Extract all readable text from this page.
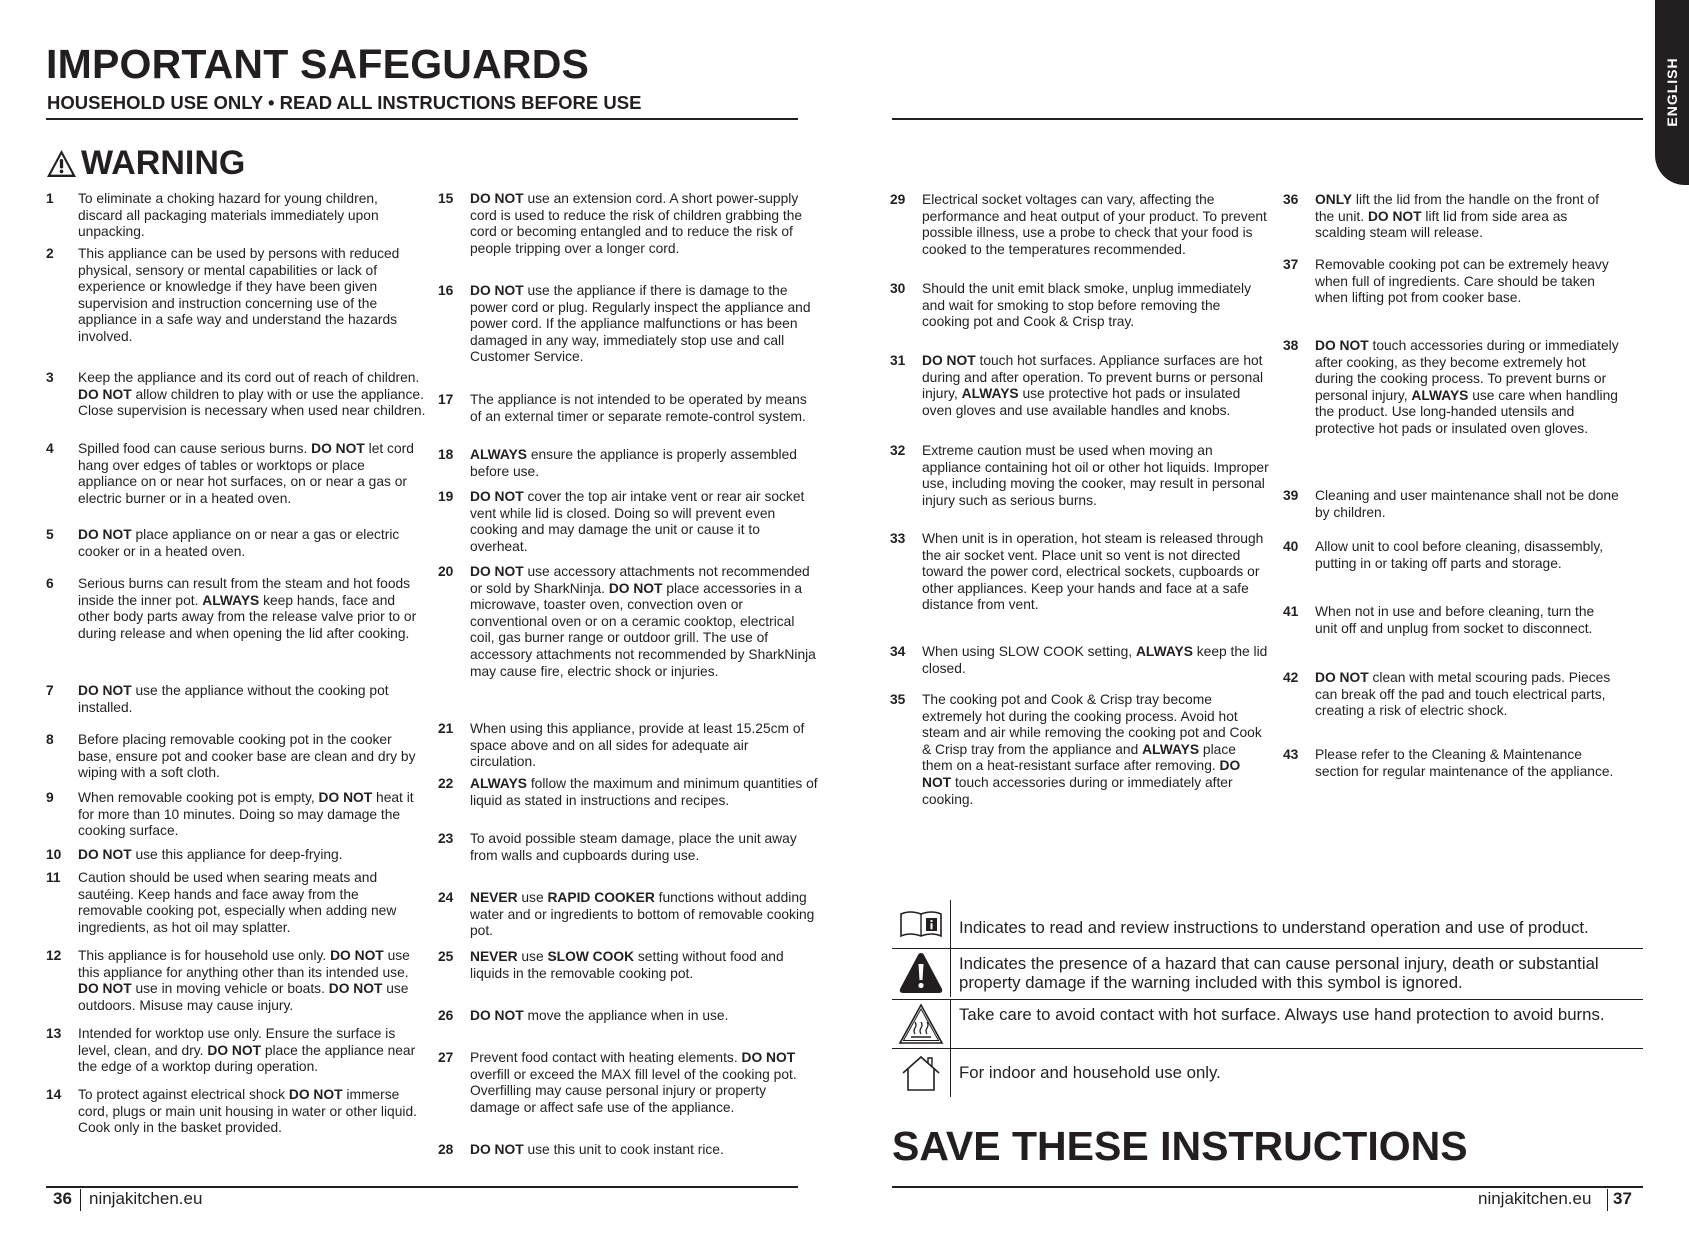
IMPORTANT SAFEGUARDS
HOUSEHOLD USE ONLY • READ ALL INSTRUCTIONS BEFORE USE	ENGLISH
WARNING
1	To eliminate a choking hazard for young children, discard all packaging materials immediately upon unpacking.
2	This appliance can be used by persons with reduced physical, sensory or mental capabilities or lack of experience or knowledge if they have been given supervision and instruction concerning use of the appliance in a safe way and understand the hazards involved.
3	Keep the appliance and its cord out of reach of children. DO NOT allow children to play with or use the appliance. Close supervision is necessary when used near children.
4	Spilled food can cause serious burns. DO NOT let cord hang over edges of tables or worktops or place appliance on or near hot surfaces, on or near a gas or electric burner or in a heated oven.
5	DO NOT place appliance on or near a gas or electric cooker or in a heated oven.
6	Serious burns can result from the steam and hot foods inside the inner pot. ALWAYS keep hands, face and other body parts away from the release valve prior to or during release and when opening the lid after cooking.
7	DO NOT use the appliance without the cooking pot installed.
8	Before placing removable cooking pot in the cooker base, ensure pot and cooker base are clean and dry by wiping with a soft cloth.
9	When removable cooking pot is empty, DO NOT heat it for more than 10 minutes. Doing so may damage the cooking surface.
10	DO NOT use this appliance for deep-frying.
11	Caution should be used when searing meats and sautéing. Keep hands and face away from the removable cooking pot, especially when adding new ingredients, as hot oil may splatter.
12	This appliance is for household use only. DO NOT use this appliance for anything other than its intended use. DO NOT use in moving vehicle or boats. DO NOT use outdoors. Misuse may cause injury.
13	Intended for worktop use only. Ensure the surface is level, clean, and dry. DO NOT place the appliance near the edge of a worktop during operation.
14	To protect against electrical shock DO NOT immerse cord, plugs or main unit housing in water or other liquid. Cook only in the basket provided.
15	DO NOT use an extension cord. A short power-supply cord is used to reduce the risk of children grabbing the cord or becoming entangled and to reduce the risk of people tripping over a longer cord.
16	DO NOT use the appliance if there is damage to the power cord or plug. Regularly inspect the appliance and power cord. If the appliance malfunctions or has been damaged in any way, immediately stop use and call Customer Service.
17	The appliance is not intended to be operated by means of an external timer or separate remote-control system.
18	ALWAYS ensure the appliance is properly assembled before use.
19	DO NOT cover the top air intake vent or rear air socket vent while lid is closed. Doing so will prevent even cooking and may damage the unit or cause it to overheat.
20	DO NOT use accessory attachments not recommended or sold by SharkNinja. DO NOT place accessories in a microwave, toaster oven, convection oven or conventional oven or on a ceramic cooktop, electrical coil, gas burner range or outdoor grill. The use of accessory attachments not recommended by SharkNinja may cause fire, electric shock or injuries.
21	When using this appliance, provide at least 15.25cm of space above and on all sides for adequate air circulation.
22	ALWAYS follow the maximum and minimum quantities of liquid as stated in instructions and recipes.
23	To avoid possible steam damage, place the unit away from walls and cupboards during use.
24	NEVER use RAPID COOKER functions without adding water and or ingredients to bottom of removable cooking pot.
25	NEVER use SLOW COOK setting without food and liquids in the removable cooking pot.
26	DO NOT move the appliance when in use.
27	Prevent food contact with heating elements. DO NOT overfill or exceed the MAX fill level of the cooking pot. Overfilling may cause personal injury or property damage or affect safe use of the appliance.
28	DO NOT use this unit to cook instant rice.
29	Electrical socket voltages can vary, affecting the performance and heat output of your product. To prevent possible illness, use a probe to check that your food is cooked to the temperatures recommended.
30	Should the unit emit black smoke, unplug immediately and wait for smoking to stop before removing the cooking pot and Cook & Crisp tray.
31	DO NOT touch hot surfaces. Appliance surfaces are hot during and after operation. To prevent burns or personal injury, ALWAYS use protective hot pads or insulated oven gloves and use available handles and knobs.
32	Extreme caution must be used when moving an appliance containing hot oil or other hot liquids. Improper use, including moving the cooker, may result in personal injury such as serious burns.
33	When unit is in operation, hot steam is released through the air socket vent. Place unit so vent is not directed toward the power cord, electrical sockets, cupboards or other appliances. Keep your hands and face at a safe distance from vent.
34	When using SLOW COOK setting, ALWAYS keep the lid closed.
35	The cooking pot and Cook & Crisp tray become extremely hot during the cooking process. Avoid hot steam and air while removing the cooking pot and Cook & Crisp tray from the appliance and ALWAYS place them on a heat-resistant surface after removing. DO NOT touch accessories during or immediately after cooking.
36	ONLY lift the lid from the handle on the front of the unit. DO NOT lift lid from side area as scalding steam will release.
37	Removable cooking pot can be extremely heavy when full of ingredients. Care should be taken when lifting pot from cooker base.
38	DO NOT touch accessories during or immediately after cooking, as they become extremely hot during the cooking process. To prevent burns or personal injury, ALWAYS use care when handling the product. Use long-handed utensils and protective hot pads or insulated oven gloves.
39	Cleaning and user maintenance shall not be done by children.
40	Allow unit to cool before cleaning, disassembly, putting in or taking off parts and storage.
41	When not in use and before cleaning, turn the unit off and unplug from socket to disconnect.
42	DO NOT clean with metal scouring pads. Pieces can break off the pad and touch electrical parts, creating a risk of electric shock.
43	Please refer to the Cleaning & Maintenance section for regular maintenance of the appliance.
Indicates to read and review instructions to understand operation and use of product.
Indicates the presence of a hazard that can cause personal injury, death or substantial property damage if the warning included with this symbol is ignored.
Take care to avoid contact with hot surface. Always use hand protection to avoid burns.
For indoor and household use only.
SAVE THESE INSTRUCTIONS
36 ninjakitchen.eu	ninjakitchen.eu 37
